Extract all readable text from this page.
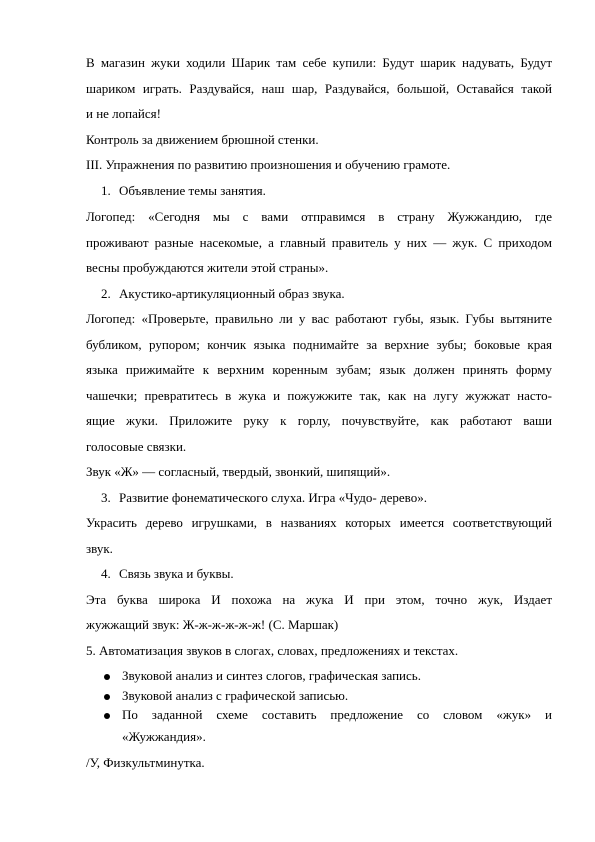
В магазин жуки ходили Шарик там себе купили: Будут шарик надувать, Будут
шариком играть. Раздувайся, наш шар, Раздувайся, большой, Оставайся такой
и не лопайся!
Контроль за движением брюшной стенки.
III. Упражнения по развитию произношения и обучению грамоте.
1. Объявление темы занятия.
Логопед: «Сегодня мы с вами отправимся в страну Жужжандию, где
проживают разные насекомые, а главный правитель у них — жук. С приходом
весны пробуждаются жители этой страны».
2. Акустико-артикуляционный образ звука.
Логопед: «Проверьте, правильно ли у вас работают губы, язык. Губы вытяните
бубликом, рупором; кончик языка поднимайте за верхние зубы; боковые края
языка прижимайте к верхним коренным зубам; язык должен принять форму
чашечки; превратитесь в жука и пожужжите так, как на лугу жужжат насто-
ящие жуки. Приложите руку к горлу, почувствуйте, как работают ваши
голосовые связки.
Звук «Ж» — согласный, твердый, звонкий, шипящий».
3. Развитие фонематического слуха. Игра «Чудо- дерево».
Украсить дерево игрушками, в названиях которых имеется соответствующий
звук.
4. Связь звука и буквы.
Эта буква широка И похожа на жука И при этом, точно жук, Издает
жужжащий звук: Ж-ж-ж-ж-ж-ж! (С. Маршак)
5. Автоматизация звуков в слогах, словах, предложениях и текстах.
Звуковой анализ и синтез слогов, графическая запись.
Звуковой анализ с графической записью.
По заданной схеме составить предложение со словом «жук» и
«Жужжандия».
/У, Физкультминутка.
